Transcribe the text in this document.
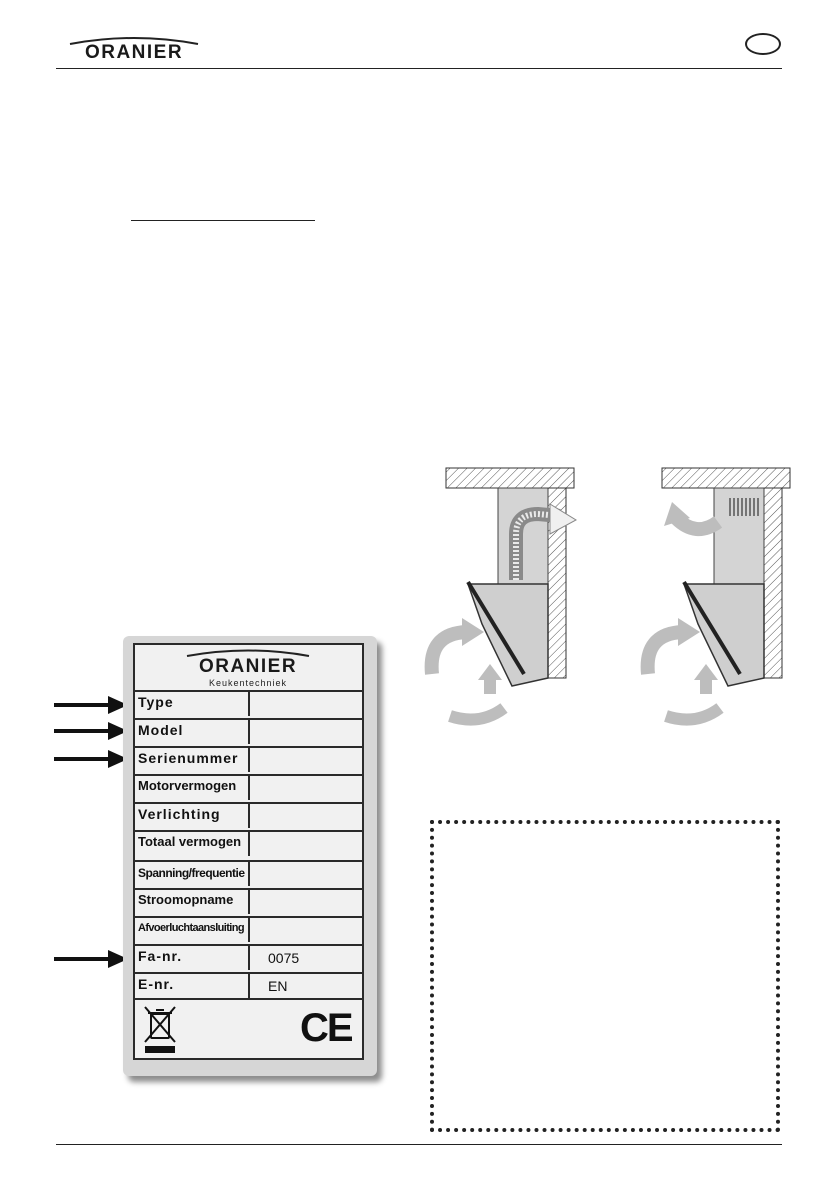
ORANIER	NL
ORANIER
Keukentechniek
Type
Model
Serienummer
Motorvermogen
Verlichting
Totaal vermogen
Spanning/frequentie
Stroomopname
Afvoerluchtaansluiting
Fa-nr.	0075
E-nr.	EN
CE
